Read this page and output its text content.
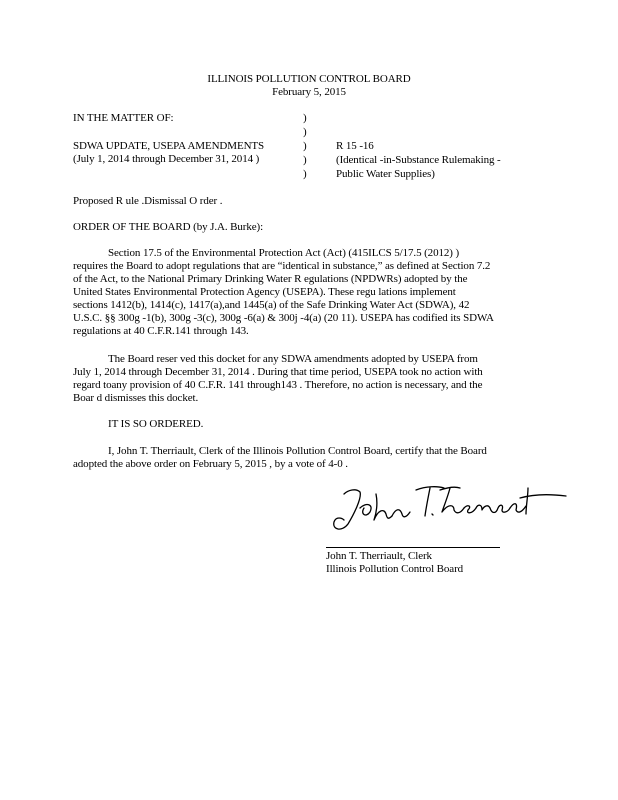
ILLINOIS POLLUTION CONTROL BOARD
February 5, 2015
IN THE MATTER OF:
SDWA UPDATE, USEPA AMENDMENTS
(July 1, 2014 through December 31, 2014 )
)
)
)
)
)
R 15 -16
(Identical -in-Substance Rulemaking -
Public Water Supplies)
Proposed R ule .Dismissal O rder .
ORDER OF THE BOARD (by J.A. Burke):
Section 17.5 of the Environmental Protection Act (Act) (415ILCS 5/17.5 (2012) )
requires the Board to adopt regulations that are “identical in substance,” as defined at Section 7.2
of the Act, to the National Primary Drinking Water R egulations (NPDWRs) adopted by the
United States Environmental Protection Agency (USEPA). These regu lations implement
sections 1412(b), 1414(c), 1417(a),and 1445(a) of the Safe Drinking Water Act (SDWA), 42
U.S.C. §§ 300g -1(b), 300g -3(c), 300g -6(a) & 300j -4(a) (20 11). USEPA has codified its SDWA
regulations at 40 C.F.R.141 through 143.
The Board reser ved this docket for any SDWA amendments adopted by USEPA from
July 1, 2014 through December 31, 2014 . During that time period, USEPA took no action with
regard toany provision of 40 C.F.R. 141 through143 . Therefore, no action is necessary, and the
Boar d dismisses this docket.
IT IS SO ORDERED.
I, John T. Therriault, Clerk of the Illinois Pollution Control Board, certify that the Board
adopted the above order on February 5, 2015 , by a vote of 4-0 .
John T. Therriault, Clerk
Illinois Pollution Control Board
